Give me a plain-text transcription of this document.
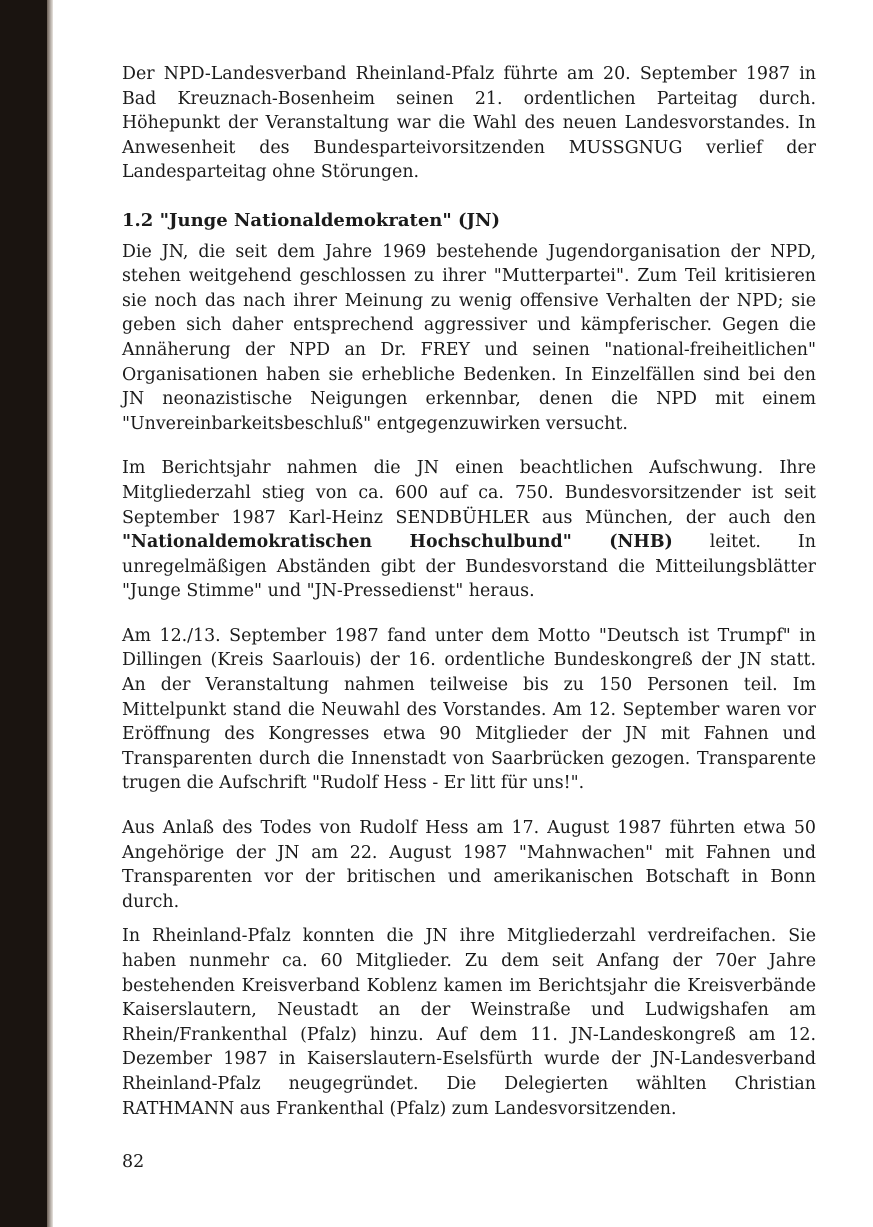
Der NPD-Landesverband Rheinland-Pfalz führte am 20. September 1987 in Bad Kreuznach-Bosenheim seinen 21. ordentlichen Parteitag durch. Höhepunkt der Veranstaltung war die Wahl des neuen Landesvorstandes. In Anwesenheit des Bundesparteivorsitzenden MUSSGNUG verlief der Landesparteitag ohne Störungen.

1.2 "Junge Nationaldemokraten" (JN)

Die JN, die seit dem Jahre 1969 bestehende Jugendorganisation der NPD, stehen weitgehend geschlossen zu ihrer "Mutterpartei". Zum Teil kritisieren sie noch das nach ihrer Meinung zu wenig offensive Verhalten der NPD; sie geben sich daher entsprechend aggressiver und kämpferischer. Gegen die Annäherung der NPD an Dr. FREY und seinen "national-freiheitlichen" Organisationen haben sie erhebliche Bedenken. In Einzelfällen sind bei den JN neonazistische Neigungen erkennbar, denen die NPD mit einem "Unvereinbarkeitsbeschluß" entgegenzuwirken versucht.

Im Berichtsjahr nahmen die JN einen beachtlichen Aufschwung. Ihre Mitgliederzahl stieg von ca. 600 auf ca. 750. Bundesvorsitzender ist seit September 1987 Karl-Heinz SENDBÜHLER aus München, der auch den "Nationaldemokratischen Hochschulbund" (NHB) leitet. In unregelmäßigen Abständen gibt der Bundesvorstand die Mitteilungsblätter "Junge Stimme" und "JN-Pressedienst" heraus.

Am 12./13. September 1987 fand unter dem Motto "Deutsch ist Trumpf" in Dillingen (Kreis Saarlouis) der 16. ordentliche Bundeskongreß der JN statt. An der Veranstaltung nahmen teilweise bis zu 150 Personen teil. Im Mittelpunkt stand die Neuwahl des Vorstandes. Am 12. September waren vor Eröffnung des Kongresses etwa 90 Mitglieder der JN mit Fahnen und Transparenten durch die Innenstadt von Saarbrücken gezogen. Transparente trugen die Aufschrift "Rudolf Hess - Er litt für uns!".

Aus Anlaß des Todes von Rudolf Hess am 17. August 1987 führten etwa 50 Angehörige der JN am 22. August 1987 "Mahnwachen" mit Fahnen und Transparenten vor der britischen und amerikanischen Botschaft in Bonn durch.

In Rheinland-Pfalz konnten die JN ihre Mitgliederzahl verdreifachen. Sie haben nunmehr ca. 60 Mitglieder. Zu dem seit Anfang der 70er Jahre bestehenden Kreisverband Koblenz kamen im Berichtsjahr die Kreisverbände Kaiserslautern, Neustadt an der Weinstraße und Ludwigshafen am Rhein/Frankenthal (Pfalz) hinzu. Auf dem 11. JN-Landeskongreß am 12. Dezember 1987 in Kaiserslautern-Eselsfürth wurde der JN-Landesverband Rheinland-Pfalz neugegründet. Die Delegierten wählten Christian RATHMANN aus Frankenthal (Pfalz) zum Landesvorsitzenden.

82
